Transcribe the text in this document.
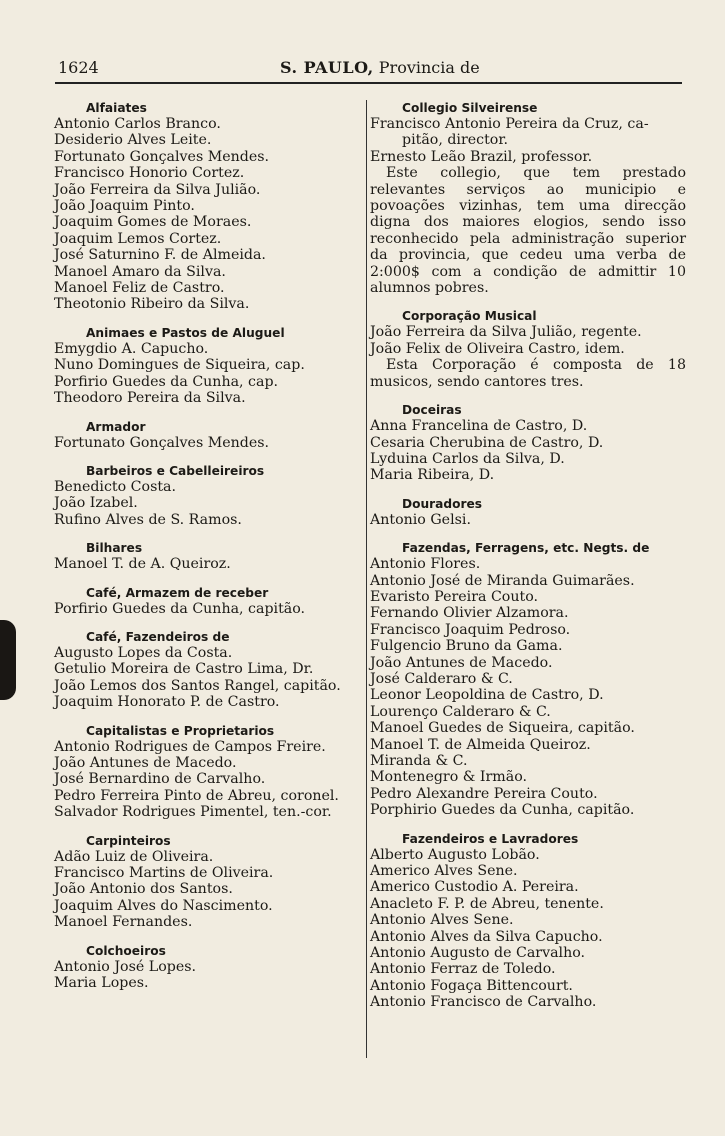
1624	S. PAULO, Provincia de
Alfaiates
Antonio Carlos Branco.
Desiderio Alves Leite.
Fortunato Gonçalves Mendes.
Francisco Honorio Cortez.
João Ferreira da Silva Julião.
João Joaquim Pinto.
Joaquim Gomes de Moraes.
Joaquim Lemos Cortez.
José Saturnino F. de Almeida.
Manoel Amaro da Silva.
Manoel Feliz de Castro.
Theotonio Ribeiro da Silva.
Animaes e Pastos de Aluguel
Emygdio A. Capucho.
Nuno Domingues de Siqueira, cap.
Porfirio Guedes da Cunha, cap.
Theodoro Pereira da Silva.
Armador
Fortunato Gonçalves Mendes.
Barbeiros e Cabelleireiros
Benedicto Costa.
João Izabel.
Rufino Alves de S. Ramos.
Bilhares
Manoel T. de A. Queiroz.
Café, Armazem de receber
Porfirio Guedes da Cunha, capitão.
Café, Fazendeiros de
Augusto Lopes da Costa.
Getulio Moreira de Castro Lima, Dr.
João Lemos dos Santos Rangel, capitão.
Joaquim Honorato P. de Castro.
Capitalistas e Proprietarios
Antonio Rodrigues de Campos Freire.
João Antunes de Macedo.
José Bernardino de Carvalho.
Pedro Ferreira Pinto de Abreu, coronel.
Salvador Rodrigues Pimentel, ten.-cor.
Carpinteiros
Adão Luiz de Oliveira.
Francisco Martins de Oliveira.
João Antonio dos Santos.
Joaquim Alves do Nascimento.
Manoel Fernandes.
Colchoeiros
Antonio José Lopes.
Maria Lopes.
Collegio Silveirense
Francisco Antonio Pereira da Cruz, ca-
pitão, director.
Ernesto Leão Brazil, professor.
Este collegio, que tem prestado relevantes serviços ao municipio e povoações vizinhas, tem uma direcção digna dos maiores elogios, sendo isso reconhecido pela administração superior da provincia, que cedeu uma verba de 2:000$ com a condição de admittir 10 alumnos pobres.
Corporação Musical
João Ferreira da Silva Julião, regente.
João Felix de Oliveira Castro, idem.
Esta Corporação é composta de 18 musicos, sendo cantores tres.
Doceiras
Anna Francelina de Castro, D.
Cesaria Cherubina de Castro, D.
Lyduina Carlos da Silva, D.
Maria Ribeira, D.
Douradores
Antonio Gelsi.
Fazendas, Ferragens, etc. Negts. de
Antonio Flores.
Antonio José de Miranda Guimarães.
Evaristo Pereira Couto.
Fernando Olivier Alzamora.
Francisco Joaquim Pedroso.
Fulgencio Bruno da Gama.
João Antunes de Macedo.
José Calderaro & C.
Leonor Leopoldina de Castro, D.
Lourenço Calderaro & C.
Manoel Guedes de Siqueira, capitão.
Manoel T. de Almeida Queiroz.
Miranda & C.
Montenegro & Irmão.
Pedro Alexandre Pereira Couto.
Porphirio Guedes da Cunha, capitão.
Fazendeiros e Lavradores
Alberto Augusto Lobão.
Americo Alves Sene.
Americo Custodio A. Pereira.
Anacleto F. P. de Abreu, tenente.
Antonio Alves Sene.
Antonio Alves da Silva Capucho.
Antonio Augusto de Carvalho.
Antonio Ferraz de Toledo.
Antonio Fogaça Bittencourt.
Antonio Francisco de Carvalho.
